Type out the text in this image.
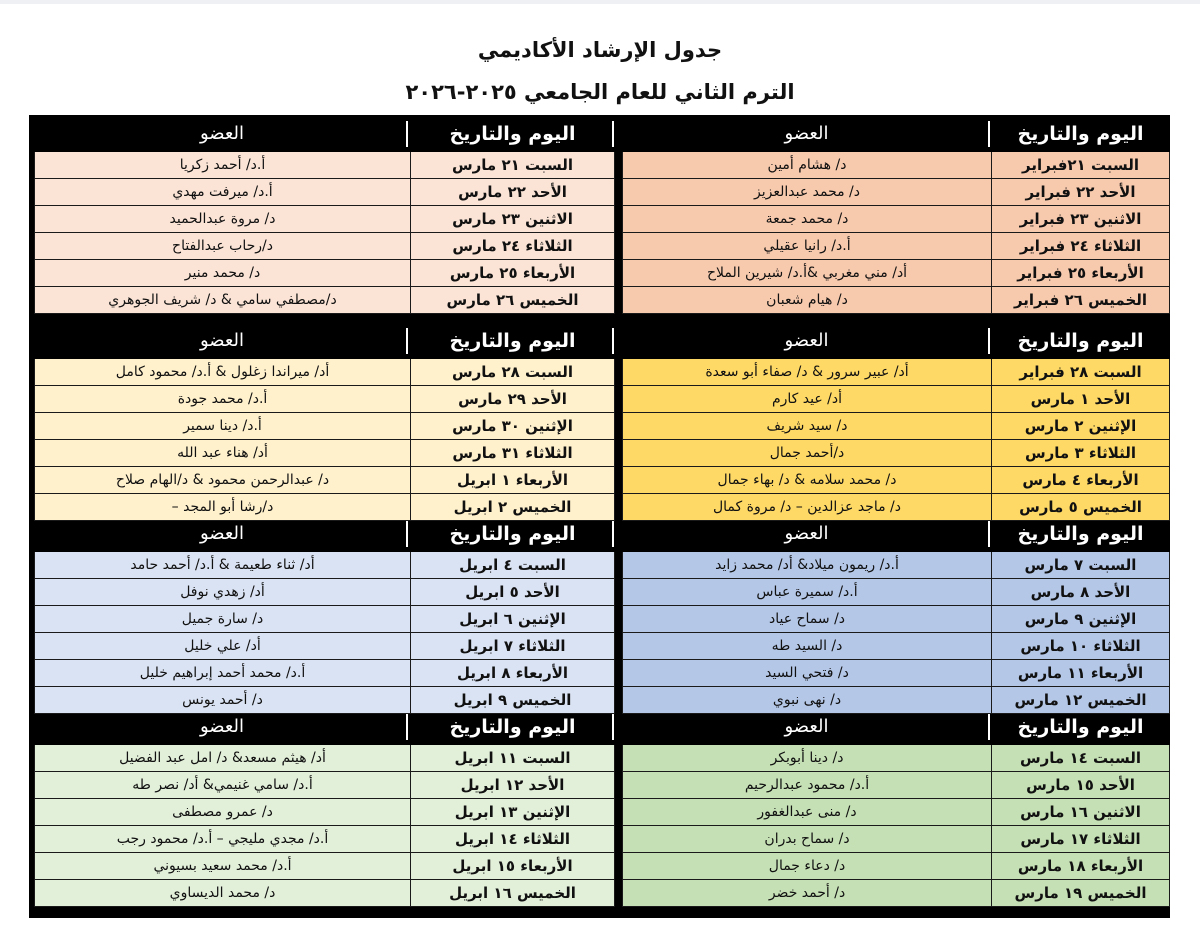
جدول الإرشاد الأكاديمي
الترم الثاني للعام الجامعي ٢٠٢٥-٢٠٢٦
العضو	اليوم والتاريخ
د/ هشام أمين	السبت ٢١فبراير
د/ محمد عبدالعزيز	الأحد ٢٢ فبراير
د/ محمد جمعة	الاثنين ٢٣ فبراير
أ.د/ رانيا عقيلي	الثلاثاء ٢٤ فبراير
أد/ مني مغربي &أ.د/ شيرين الملاح	الأربعاء ٢٥ فبراير
د/ هيام شعبان	الخميس ٢٦ فبراير
العضو	اليوم والتاريخ
أد/ عبير سرور & د/ صفاء أبو سعدة	السبت ٢٨ فبراير
أد/ عيد كارم	الأحد ١ مارس
د/ سيد شريف	الإثنين ٢ مارس
د/أحمد جمال	الثلاثاء ٣ مارس
د/ محمد سلامه & د/ بهاء جمال	الأربعاء ٤ مارس
د/ ماجد عزالدين – د/ مروة كمال	الخميس ٥ مارس
العضو	اليوم والتاريخ
أ.د/ ريمون ميلاد& أد/ محمد زايد	السبت ٧ مارس
أ.د/ سميرة عباس	الأحد ٨ مارس
د/ سماح عياد	الإثنين ٩ مارس
د/ السيد طه	الثلاثاء ١٠ مارس
د/ فتحي السيد	الأربعاء ١١ مارس
د/ نهى نبوي	الخميس ١٢ مارس
العضو	اليوم والتاريخ
د/ دينا أبوبكر	السبت ١٤ مارس
أ.د/ محمود عبدالرحيم	الأحد ١٥ مارس
د/ منى عبدالغفور	الاثنين ١٦ مارس
د/ سماح بدران	الثلاثاء ١٧ مارس
د/ دعاء جمال	الأربعاء ١٨ مارس
د/ أحمد خضر	الخميس ١٩ مارس
العضو	اليوم والتاريخ
أ.د/ أحمد زكريا	السبت ٢١ مارس
أ.د/ ميرفت مهدي	الأحد ٢٢ مارس
د/ مروة عبدالحميد	الاثنين ٢٣ مارس
د/رحاب عبدالفتاح	الثلاثاء ٢٤ مارس
د/ محمد منير	الأربعاء ٢٥ مارس
د/مصطفي سامي & د/ شريف الجوهري	الخميس ٢٦ مارس
العضو	اليوم والتاريخ
أد/ ميراندا زغلول & أ.د/ محمود كامل	السبت ٢٨ مارس
أ.د/ محمد جودة	الأحد ٢٩ مارس
أ.د/ دينا سمير	الإثنين ٣٠ مارس
أد/ هناء عبد الله	الثلاثاء ٣١ مارس
د/ عبدالرحمن محمود & د/الهام صلاح	الأربعاء ١ ابريل
د/رشا أبو المجد –	الخميس ٢ ابريل
العضو	اليوم والتاريخ
أد/ ثناء طعيمة & أ.د/ أحمد حامد	السبت ٤ ابريل
أد/ زهدي نوفل	الأحد ٥ ابريل
د/ سارة جميل	الإثنين ٦ ابريل
أد/ علي خليل	الثلاثاء ٧ ابريل
أ.د/ محمد أحمد إبراهيم خليل	الأربعاء ٨ ابريل
د/ أحمد يونس	الخميس ٩ ابريل
العضو	اليوم والتاريخ
أد/ هيثم مسعد& د/ امل عبد الفضيل	السبت ١١ ابريل
أ.د/ سامي غنيمي& أد/ نصر طه	الأحد ١٢ ابريل
د/ عمرو مصطفى	الإثنين ١٣ ابريل
أ.د/ مجدي مليجي – أ.د/ محمود رجب	الثلاثاء ١٤ ابريل
أ.د/ محمد سعيد بسيوني	الأربعاء ١٥ ابريل
د/ محمد الديساوي	الخميس ١٦ ابريل
